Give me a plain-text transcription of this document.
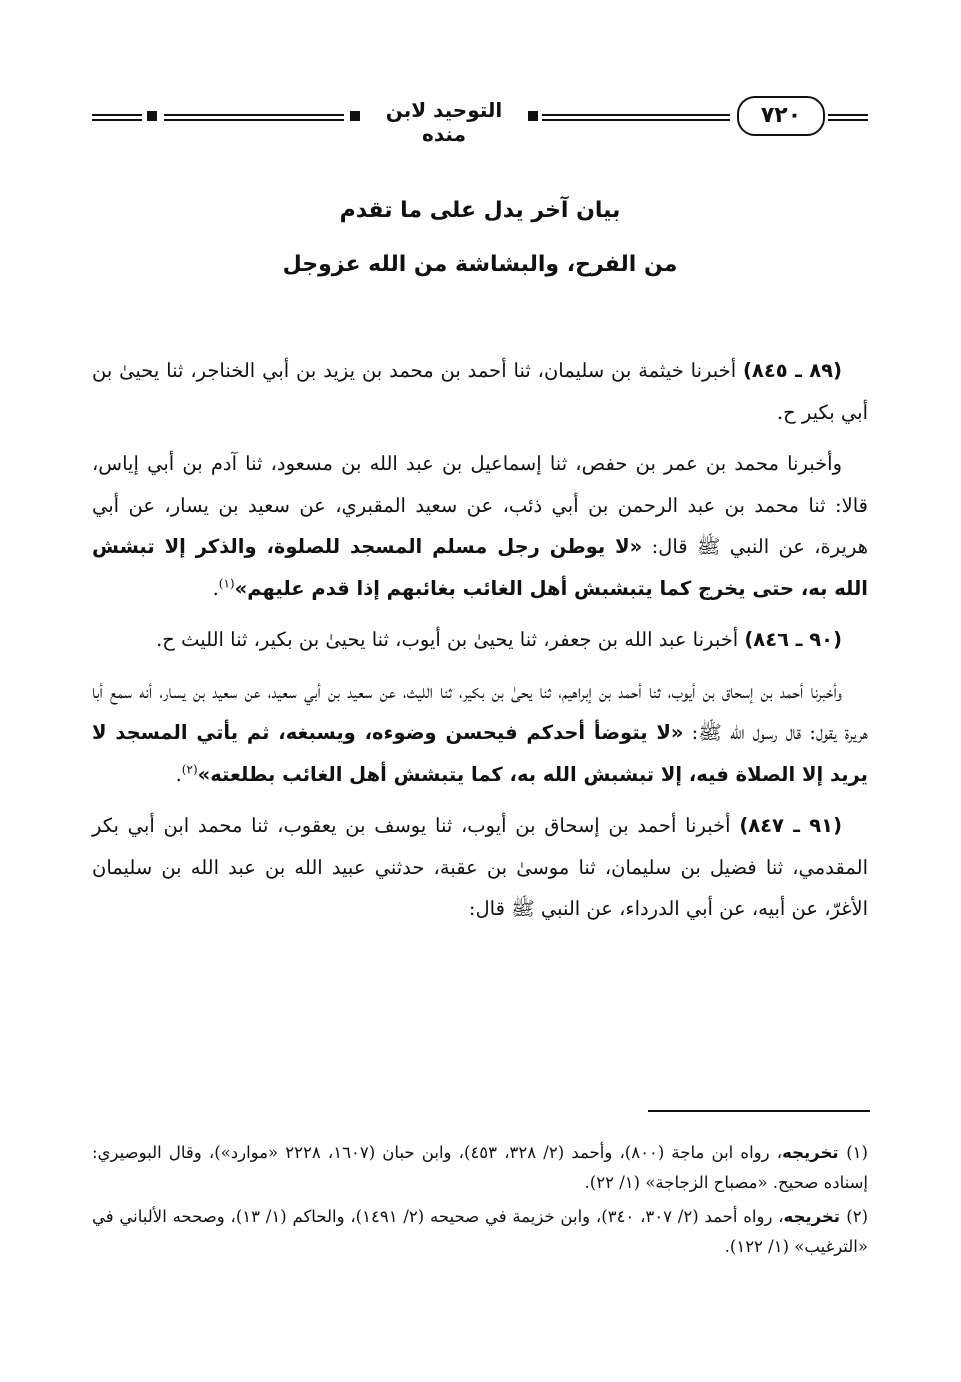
التوحيد لابن منده
٧٢٠
بيان آخر يدل على ما تقدم
من الفرح، والبشاشة من الله عزوجل

(٨٩ ـ ٨٤٥) أخبرنا خيثمة بن سليمان، ثنا أحمد بن محمد بن يزيد بن أبي الخناجر، ثنا يحيىٰ بن أبي بكير ح.

وأخبرنا محمد بن عمر بن حفص، ثنا إسماعيل بن عبد الله بن مسعود، ثنا آدم بن أبي إياس، قالا: ثنا محمد بن عبد الرحمن بن أبي ذئب، عن سعيد المقبري، عن سعيد بن يسار، عن أبي هريرة، عن النبي ﷺ قال: «لا يوطن رجل مسلم المسجد للصلوة، والذكر إلا تبشش الله به، حتى يخرج كما يتبشبش أهل الغائب بغائبهم إذا قدم عليهم»$^{(١)}$.

(٩٠ ـ ٨٤٦) أخبرنا عبد الله بن جعفر، ثنا يحيىٰ بن أيوب، ثنا يحيىٰ بن بكير، ثنا الليث ح.

وأخبرنا أحمد بن إسحاق بن أيوب، ثنا أحمد بن إبراهيم، ثنا يحىٰ بن بكير، ثنا الليث، عن سعيد بن أبي سعيد، عن سعيد بن يسار، أنه سمع أبا هريرة يقول: قال رسول الله ﷺ: «لا يتوضأ أحدكم فيحسن وضوءه، ويسبغه، ثم يأتي المسجد لا يريد إلا الصلاة فيه، إلا تبشبش الله به، كما يتبشش أهل الغائب بطلعته»$^{(٢)}$.

(٩١ ـ ٨٤٧) أخبرنا أحمد بن إسحاق بن أيوب، ثنا يوسف بن يعقوب، ثنا محمد ابن أبي بكر المقدمي، ثنا فضيل بن سليمان، ثنا موسىٰ بن عقبة، حدثني عبيد الله بن عبد الله بن سليمان الأغرّ، عن أبيه، عن أبي الدرداء، عن النبي ﷺ قال:

(١) تخريجه، رواه ابن ماجة (٨٠٠)، وأحمد (٢/ ٣٢٨، ٤٥٣)، وابن حبان (١٦٠٧، ٢٢٢٨ «موارد»)، وقال البوصيري: إسناده صحيح. «مصباح الزجاجة» (١/ ٢٢).

(٢) تخريجه، رواه أحمد (٢/ ٣٠٧، ٣٤٠)، وابن خزيمة في صحيحه (٢/ ١٤٩١)، والحاكم (١/ ١٣)، وصححه الألباني في «الترغيب» (١/ ١٢٢).
